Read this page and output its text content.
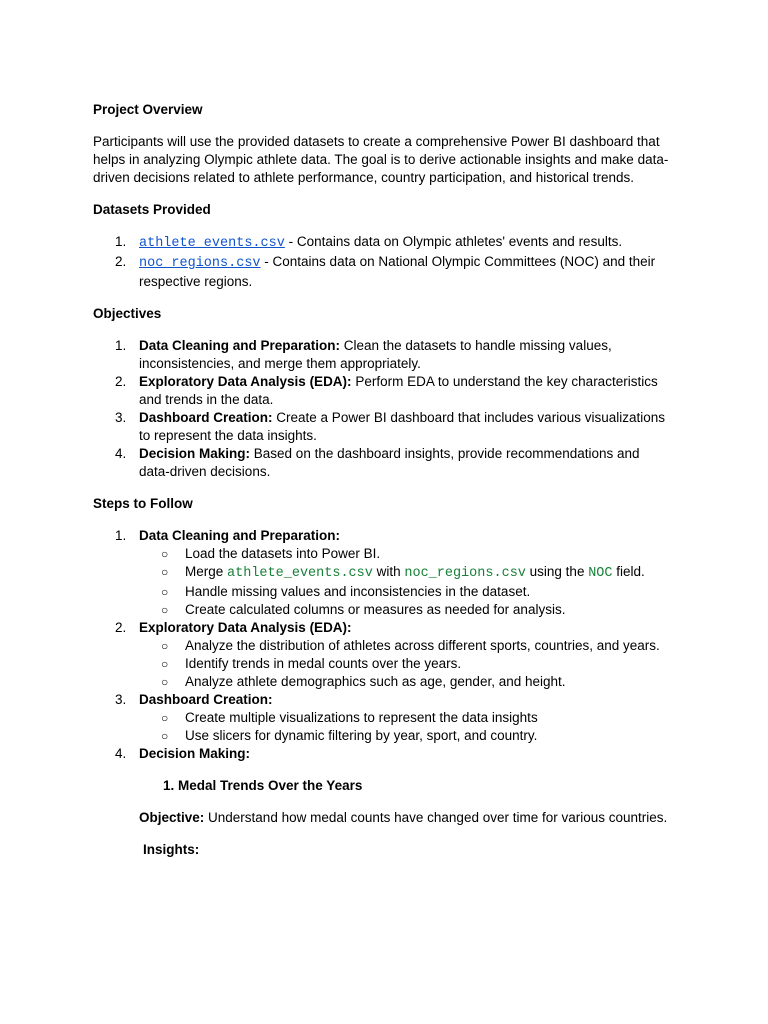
Project Overview

Participants will use the provided datasets to create a comprehensive Power BI dashboard that helps in analyzing Olympic athlete data. The goal is to derive actionable insights and make data-driven decisions related to athlete performance, country participation, and historical trends.

Datasets Provided

1. athlete_events.csv - Contains data on Olympic athletes' events and results.
2. noc_regions.csv - Contains data on National Olympic Committees (NOC) and their respective regions.

Objectives

1. Data Cleaning and Preparation: Clean the datasets to handle missing values, inconsistencies, and merge them appropriately.
2. Exploratory Data Analysis (EDA): Perform EDA to understand the key characteristics and trends in the data.
3. Dashboard Creation: Create a Power BI dashboard that includes various visualizations to represent the data insights.
4. Decision Making: Based on the dashboard insights, provide recommendations and data-driven decisions.

Steps to Follow

1. Data Cleaning and Preparation:
○ Load the datasets into Power BI.
○ Merge athlete_events.csv with noc_regions.csv using the NOC field.
○ Handle missing values and inconsistencies in the dataset.
○ Create calculated columns or measures as needed for analysis.
2. Exploratory Data Analysis (EDA):
○ Analyze the distribution of athletes across different sports, countries, and years.
○ Identify trends in medal counts over the years.
○ Analyze athlete demographics such as age, gender, and height.
3. Dashboard Creation:
○ Create multiple visualizations to represent the data insights
○ Use slicers for dynamic filtering by year, sport, and country.
4. Decision Making:

1. Medal Trends Over the Years

Objective: Understand how medal counts have changed over time for various countries.

Insights:
